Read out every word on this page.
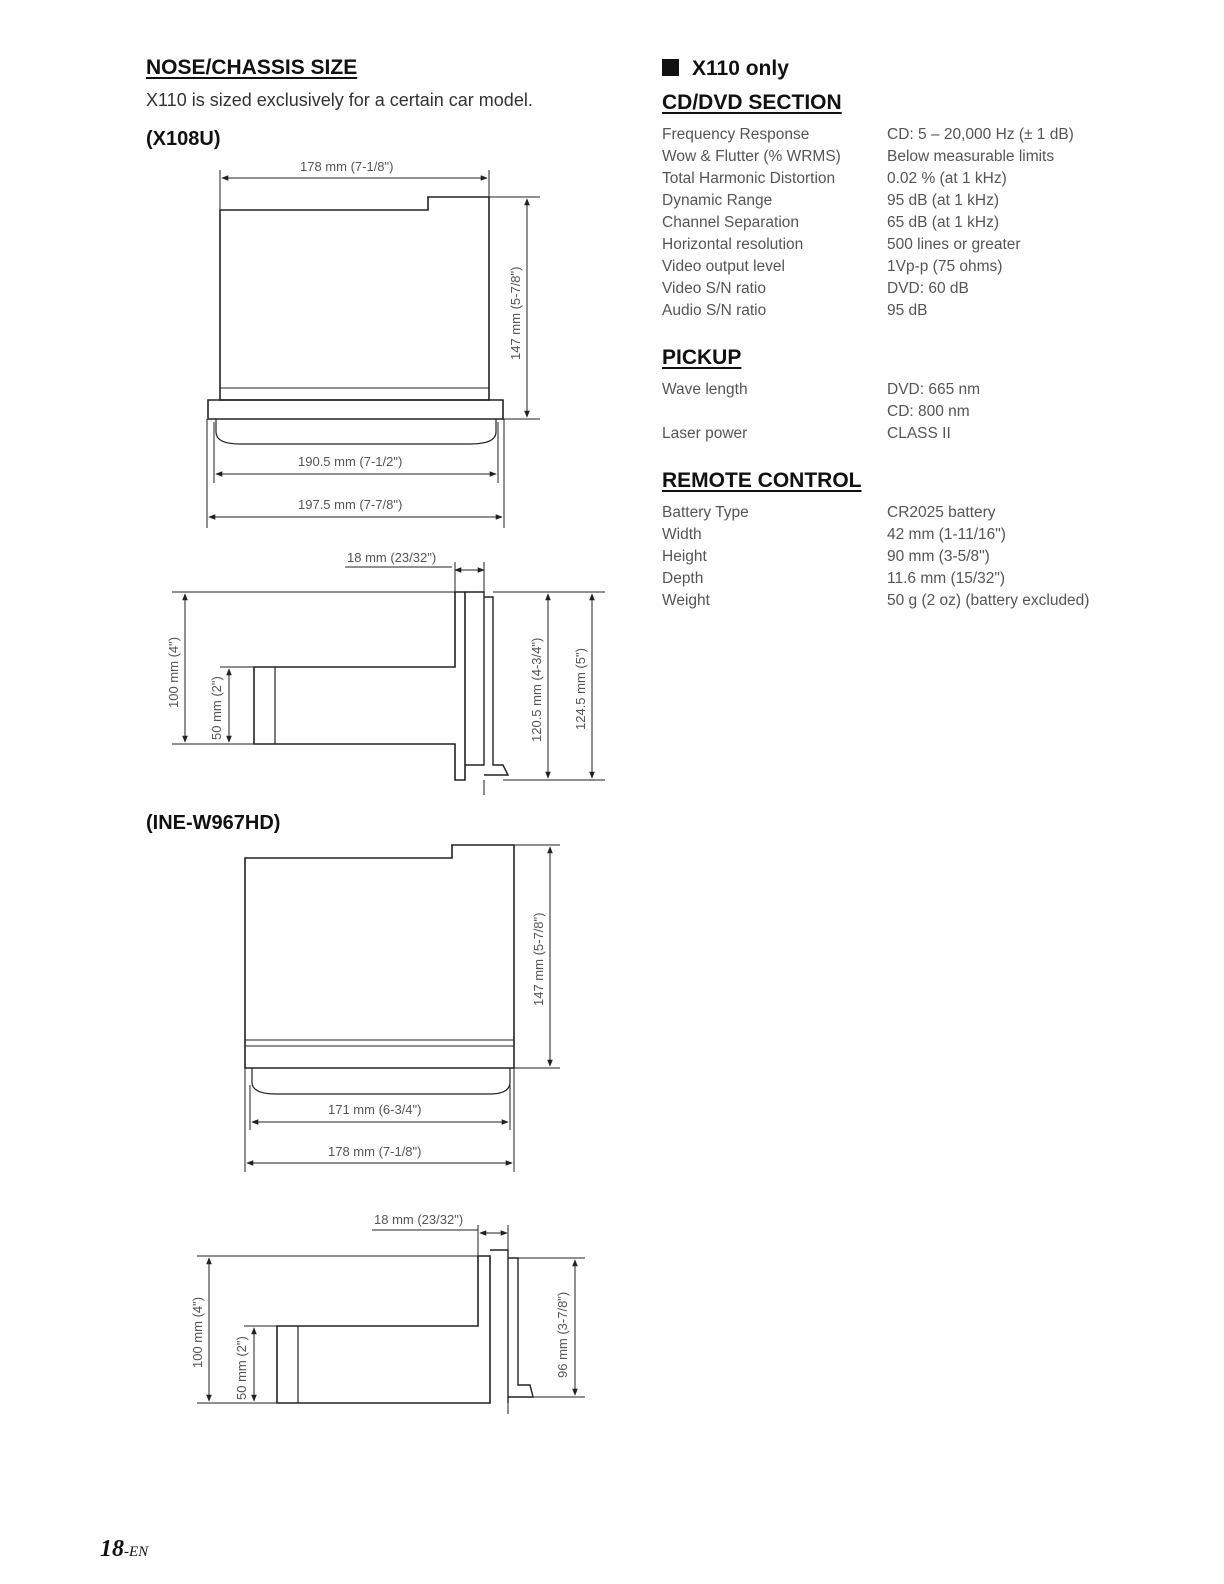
NOSE/CHASSIS SIZE
X110 is sized exclusively for a certain car model.
(X108U)
(INE-W967HD)
178 mm (7-1/8")
147 mm (5-7/8")
190.5 mm (7-1/2")
197.5 mm (7-7/8")
18 mm (23/32")
100 mm (4")
50 mm (2")	120.5 mm (4-3/4") 124.5 mm (5")
147 mm (5-7/8")
171 mm (6-3/4")
178 mm (7-1/8")
18 mm (23/32")
100 mm (4")
50 mm (2")	96 mm (3-7/8")
X110 only
CD/DVD SECTION
Frequency Response	CD: 5 – 20,000 Hz (± 1 dB)
Wow & Flutter (% WRMS)	Below measurable limits
Total Harmonic Distortion	0.02 % (at 1 kHz)
Dynamic Range	95 dB (at 1 kHz)
Channel Separation	65 dB (at 1 kHz)
Horizontal resolution	500 lines or greater
Video output level	1Vp-p (75 ohms)
Video S/N ratio	DVD: 60 dB
Audio S/N ratio	95 dB
PICKUP
Wave length	DVD: 665 nm
CD: 800 nm
Laser power	CLASS II
REMOTE CONTROL
Battery Type	CR2025 battery
Width	42 mm (1-11/16")
Height	90 mm (3-5/8")
Depth	11.6 mm (15/32")
Weight	50 g (2 oz) (battery excluded)
18-EN
